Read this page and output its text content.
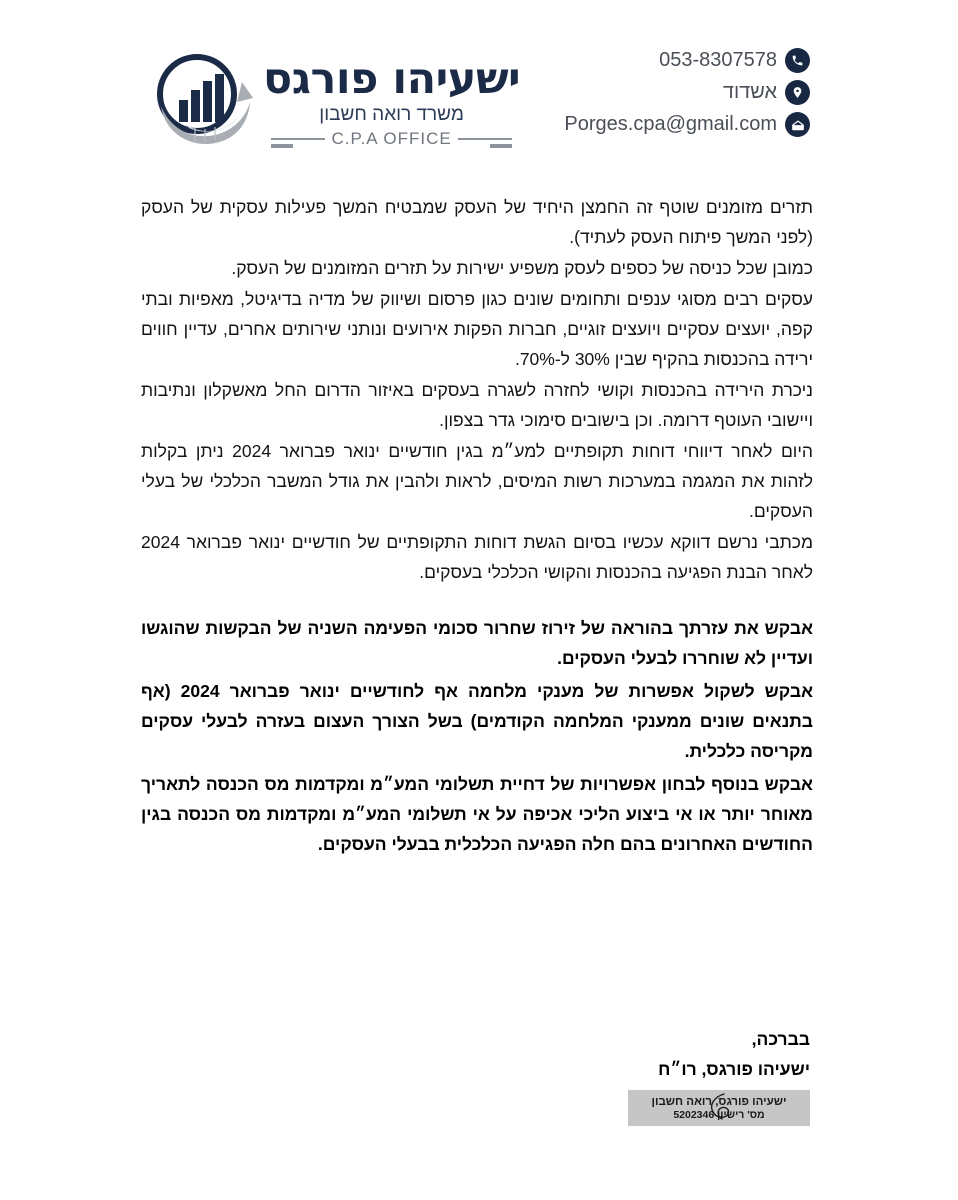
ישעיהו פורגס
משרד רואה חשבון
C.P.A OFFICE
053-8307578
אשדוד
Porges.cpa@gmail.com

תזרים מזומנים שוטף זה החמצן היחיד של העסק שמבטיח המשך פעילות עסקית של העסק (לפני המשך פיתוח העסק לעתיד).

כמובן שכל כניסה של כספים לעסק משפיע ישירות על תזרים המזומנים של העסק.

עסקים רבים מסוגי ענפים ותחומים שונים כגון פרסום ושיווק של מדיה בדיגיטל, מאפיות ובתי קפה, יועצים עסקיים ויועצים זוגיים, חברות הפקות אירועים ונותני שירותים אחרים, עדיין חווים ירידה בהכנסות בהקיף שבין 30% ל-70%.

ניכרת הירידה בהכנסות וקושי לחזרה לשגרה בעסקים באיזור הדרום החל מאשקלון ונתיבות ויישובי העוטף דרומה. וכן בישובים סימוכי גדר בצפון.

היום לאחר דיווחי דוחות תקופתיים למע״מ בגין חודשיים ינואר פברואר 2024 ניתן בקלות לזהות את המגמה במערכות רשות המיסים, לראות ולהבין את גודל המשבר הכלכלי של בעלי העסקים.

מכתבי נרשם דווקא עכשיו בסיום הגשת דוחות התקופתיים של חודשיים ינואר פברואר 2024 לאחר הבנת הפגיעה בהכנסות והקושי הכלכלי בעסקים.

אבקש את עזרתך בהוראה של זירוז שחרור סכומי הפעימה השניה של הבקשות שהוגשו ועדיין לא שוחררו לבעלי העסקים.

אבקש לשקול אפשרות של מענקי מלחמה אף לחודשיים ינואר פברואר 2024 (אף בתנאים שונים ממענקי המלחמה הקודמים) בשל הצורך העצום בעזרה לבעלי עסקים מקריסה כלכלית.

אבקש בנוסף לבחון אפשרויות של דחיית תשלומי המע״מ ומקדמות מס הכנסה לתאריך מאוחר יותר או אי ביצוע הליכי אכיפה על אי תשלומי המע״מ ומקדמות מס הכנסה בגין החודשים האחרונים בהם חלה הפגיעה הכלכלית בבעלי העסקים.

בברכה,
ישעיהו פורגס, רו״ח
ישעיהו פורגס, רואה חשבון
מס' רישיון 5202346
